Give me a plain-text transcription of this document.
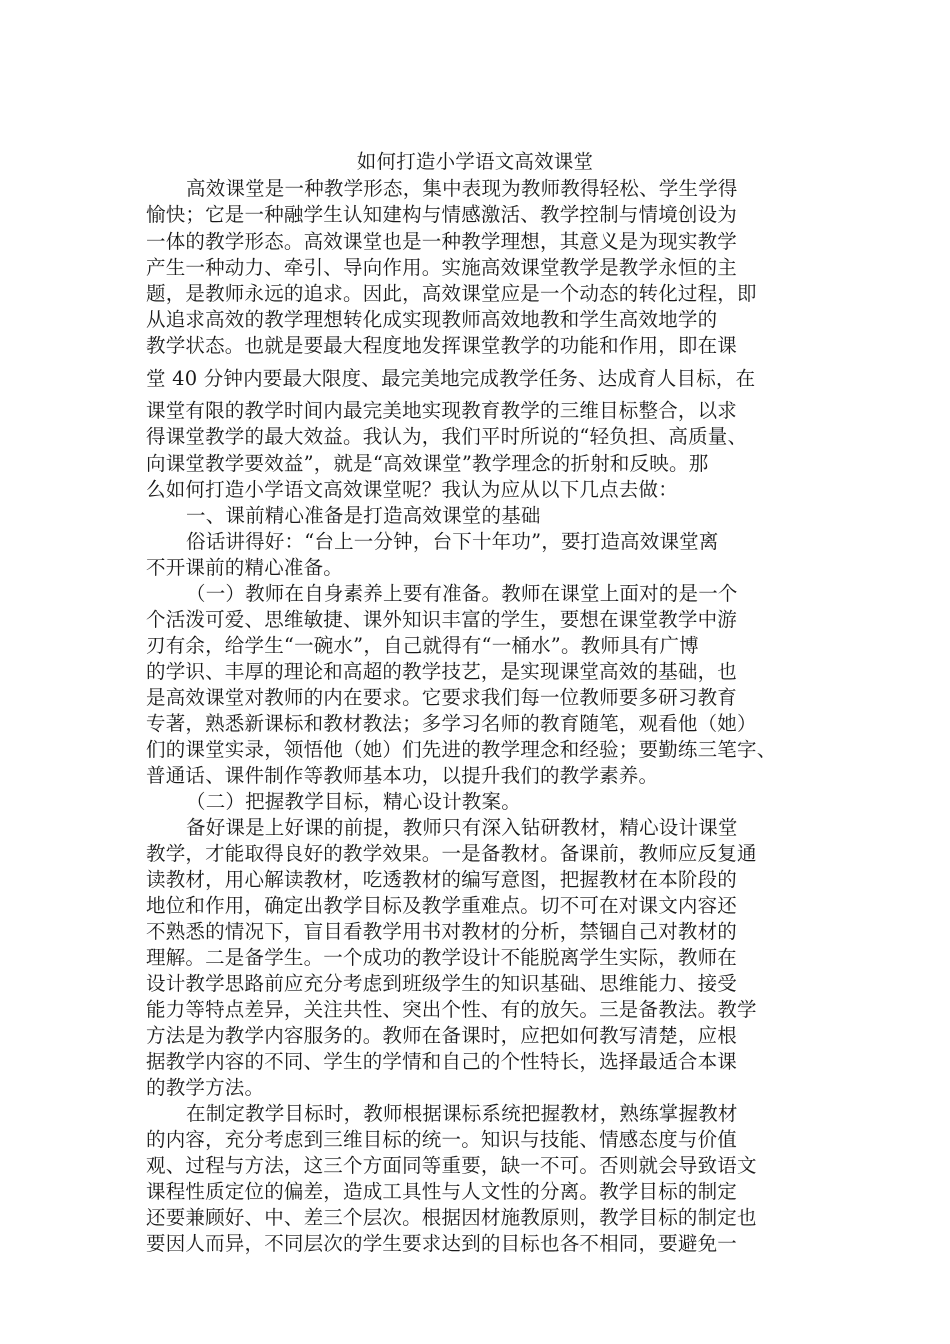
如何打造小学语文高效课堂
高效课堂是一种教学形态，集中表现为教师教得轻松、学生学得
愉快；它是一种融学生认知建构与情感激活、教学控制与情境创设为
一体的教学形态。高效课堂也是一种教学理想，其意义是为现实教学
产生一种动力、牵引、导向作用。实施高效课堂教学是教学永恒的主
题，是教师永远的追求。因此，高效课堂应是一个动态的转化过程，即
从追求高效的教学理想转化成实现教师高效地教和学生高效地学的
教学状态。也就是要最大程度地发挥课堂教学的功能和作用，即在课
堂 40 分钟内要最大限度、最完美地完成教学任务、达成育人目标，在
课堂有限的教学时间内最完美地实现教育教学的三维目标整合，以求
得课堂教学的最大效益。我认为，我们平时所说的“轻负担、高质量、
向课堂教学要效益”，就是“高效课堂”教学理念的折射和反映。那
么如何打造小学语文高效课堂呢？我认为应从以下几点去做：
一、课前精心准备是打造高效课堂的基础
俗话讲得好：“台上一分钟，台下十年功”，要打造高效课堂离
不开课前的精心准备。
（一）教师在自身素养上要有准备。教师在课堂上面对的是一个
个活泼可爱、思维敏捷、课外知识丰富的学生，要想在课堂教学中游
刃有余，给学生“一碗水”，自己就得有“一桶水”。教师具有广博
的学识、丰厚的理论和高超的教学技艺，是实现课堂高效的基础，也
是高效课堂对教师的内在要求。它要求我们每一位教师要多研习教育
专著，熟悉新课标和教材教法；多学习名师的教育随笔，观看他（她）
们的课堂实录，领悟他（她）们先进的教学理念和经验；要勤练三笔字、
普通话、课件制作等教师基本功，以提升我们的教学素养。
（二）把握教学目标，精心设计教案。
备好课是上好课的前提，教师只有深入钻研教材，精心设计课堂
教学，才能取得良好的教学效果。一是备教材。备课前，教师应反复通
读教材，用心解读教材，吃透教材的编写意图，把握教材在本阶段的
地位和作用，确定出教学目标及教学重难点。切不可在对课文内容还
不熟悉的情况下，盲目看教学用书对教材的分析，禁锢自己对教材的
理解。二是备学生。一个成功的教学设计不能脱离学生实际，教师在
设计教学思路前应充分考虑到班级学生的知识基础、思维能力、接受
能力等特点差异，关注共性、突出个性、有的放矢。三是备教法。教学
方法是为教学内容服务的。教师在备课时，应把如何教写清楚，应根
据教学内容的不同、学生的学情和自己的个性特长，选择最适合本课
的教学方法。
在制定教学目标时，教师根据课标系统把握教材，熟练掌握教材
的内容，充分考虑到三维目标的统一。知识与技能、情感态度与价值
观、过程与方法，这三个方面同等重要，缺一不可。否则就会导致语文
课程性质定位的偏差，造成工具性与人文性的分离。教学目标的制定
还要兼顾好、中、差三个层次。根据因材施教原则，教学目标的制定也
要因人而异，不同层次的学生要求达到的目标也各不相同，要避免一
